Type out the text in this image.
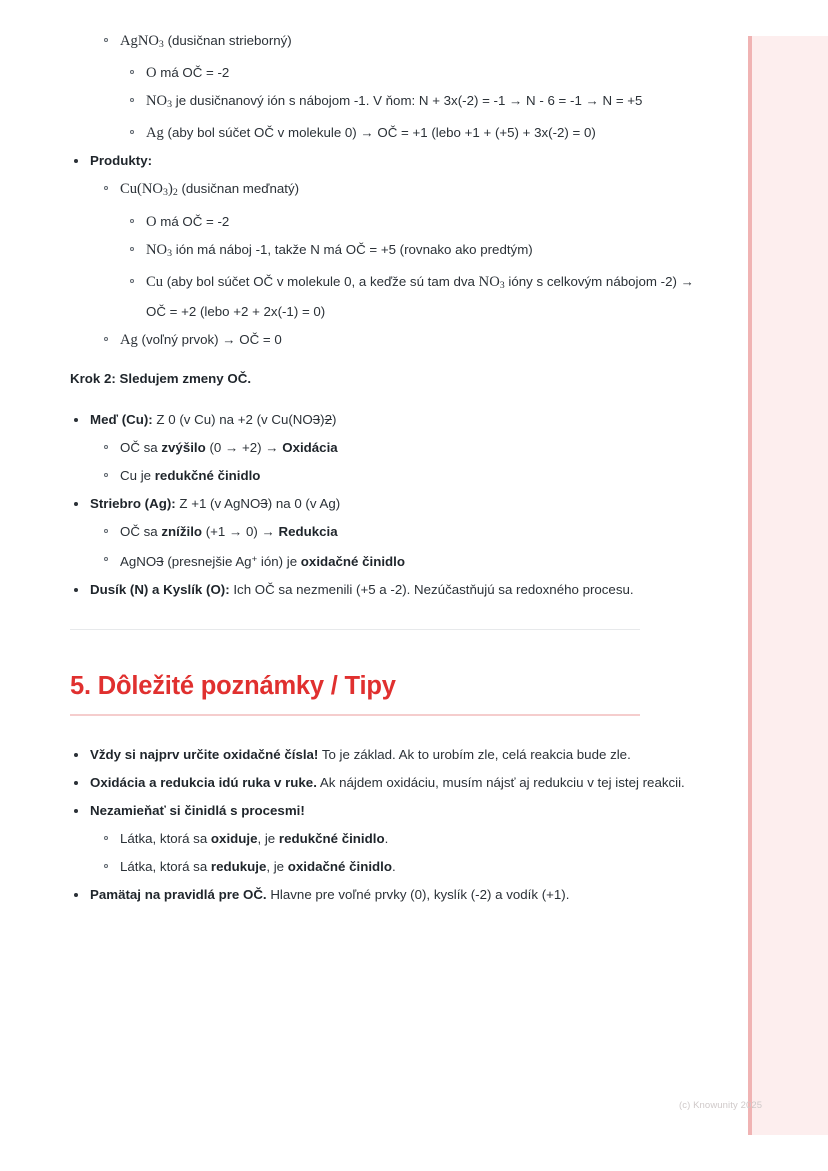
AgNO$_3$ (dusičnan strieborný)
O má OČ = -2
$NO_3$ je dusičnanový ión s nábojom -1. V ňom: N + 3x(-2) = -1 → N - 6 = -1 → N = +5
Ag (aby bol súčet OČ v molekule 0) → OČ = +1 (lebo +1 + (+5) + 3x(-2) = 0)
Produkty:
$Cu(NO_3)_2$ (dusičnan meďnatý)
O má OČ = -2
$NO_3$ ión má náboj -1, takže N má OČ = +5 (rovnako ako predtým)
Cu (aby bol súčet OČ v molekule 0, a keďže sú tam dva $NO_3$ ióny s celkovým nábojom -2) → OČ = +2 (lebo +2 + 2x(-1) = 0)
Ag (voľný prvok) → OČ = 0
Krok 2: Sledujem zmeny OČ.
Meď (Cu): Z 0 (v Cu) na +2 (v Cu(NO3)2)
OČ sa zvýšilo (0 → +2) → Oxidácia
Cu je redukčné činidlo
Striebro (Ag): Z +1 (v AgNO3) na 0 (v Ag)
OČ sa znížilo (+1 → 0) → Redukcia
AgNO3 (presnejšie Ag+ ión) je oxidačné činidlo
Dusík (N) a Kyslík (O): Ich OČ sa nezmenili (+5 a -2). Nezúčastňujú sa redoxného procesu.
5. Dôležité poznámky / Tipy
Vždy si najprv určite oxidačné čísla! To je základ. Ak to urobím zle, celá reakcia bude zle.
Oxidácia a redukcia idú ruka v ruke. Ak nájdem oxidáciu, musím nájsť aj redukciu v tej istej reakcii.
Nezamieňať si činidlá s procesmi!
Látka, ktorá sa oxiduje, je redukčné činidlo.
Látka, ktorá sa redukuje, je oxidačné činidlo.
Pamätaj na pravidlá pre OČ. Hlavne pre voľné prvky (0), kyslík (-2) a vodík (+1).
(c) Knowunity 2025
